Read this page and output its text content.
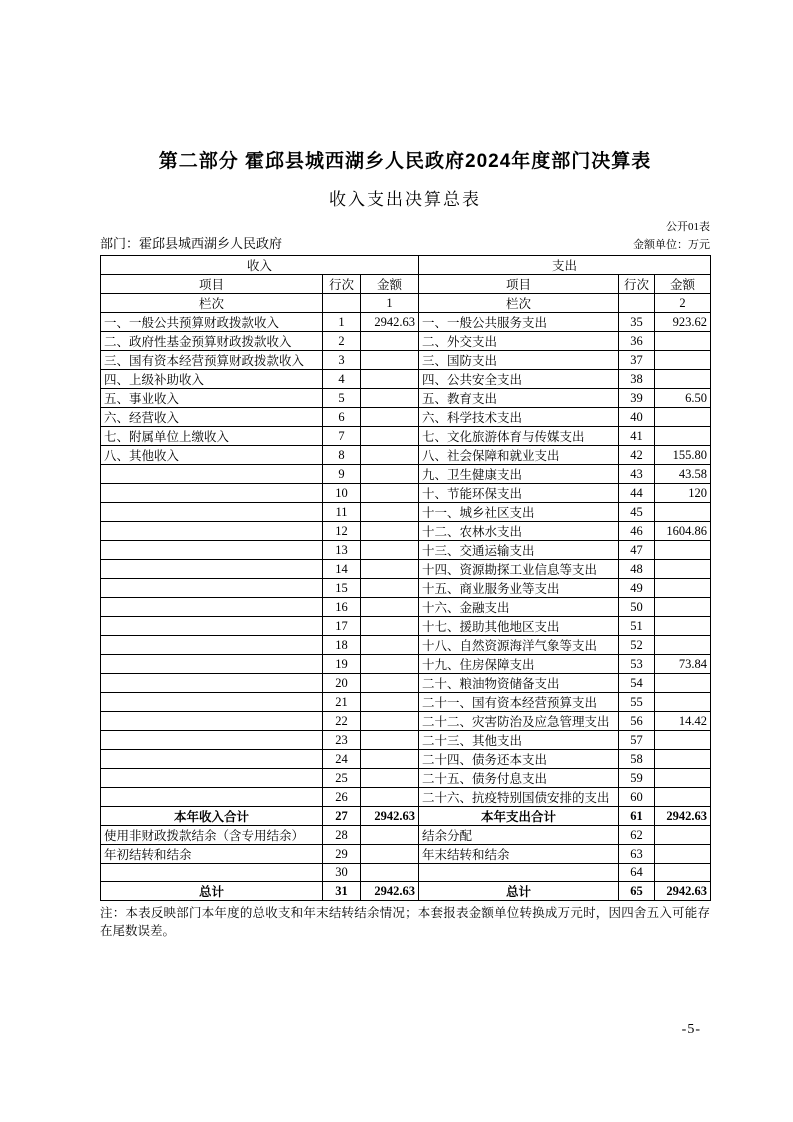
第二部分 霍邱县城西湖乡人民政府2024年度部门决算表
收入支出决算总表
公开01表
部门：霍邱县城西湖乡人民政府	金额单位：万元
收入			支出		
项目	行次	金额	项目	行次	金额
栏次		1	栏次		2
一、一般公共预算财政拨款收入	1	2942.63	一、一般公共服务支出	35	923.62
二、政府性基金预算财政拨款收入	2		二、外交支出	36	
三、国有资本经营预算财政拨款收入	3		三、国防支出	37	
四、上级补助收入	4		四、公共安全支出	38	
五、事业收入	5		五、教育支出	39	6.50
六、经营收入	6		六、科学技术支出	40	
七、附属单位上缴收入	7		七、文化旅游体育与传媒支出	41	
八、其他收入	8		八、社会保障和就业支出	42	155.80
	9		九、卫生健康支出	43	43.58
	10		十、节能环保支出	44	120
	11		十一、城乡社区支出	45	
	12		十二、农林水支出	46	1604.86
	13		十三、交通运输支出	47	
	14		十四、资源勘探工业信息等支出	48	
	15		十五、商业服务业等支出	49	
	16		十六、金融支出	50	
	17		十七、援助其他地区支出	51	
	18		十八、自然资源海洋气象等支出	52	
	19		十九、住房保障支出	53	73.84
	20		二十、粮油物资储备支出	54	
	21		二十一、国有资本经营预算支出	55	
	22		二十二、灾害防治及应急管理支出	56	14.42
	23		二十三、其他支出	57	
	24		二十四、债务还本支出	58	
	25		二十五、债务付息支出	59	
	26		二十六、抗疫特别国债安排的支出	60	
本年收入合计	27	2942.63	本年支出合计	61	2942.63
使用非财政拨款结余（含专用结余）	28		结余分配	62	
年初结转和结余	29		年末结转和结余	63	
	30			64	
总计	31	2942.63	总计	65	2942.63
注：本表反映部门本年度的总收支和年末结转结余情况；本套报表金额单位转换成万元时，因四舍五入可能存在尾数误差。
-5-
